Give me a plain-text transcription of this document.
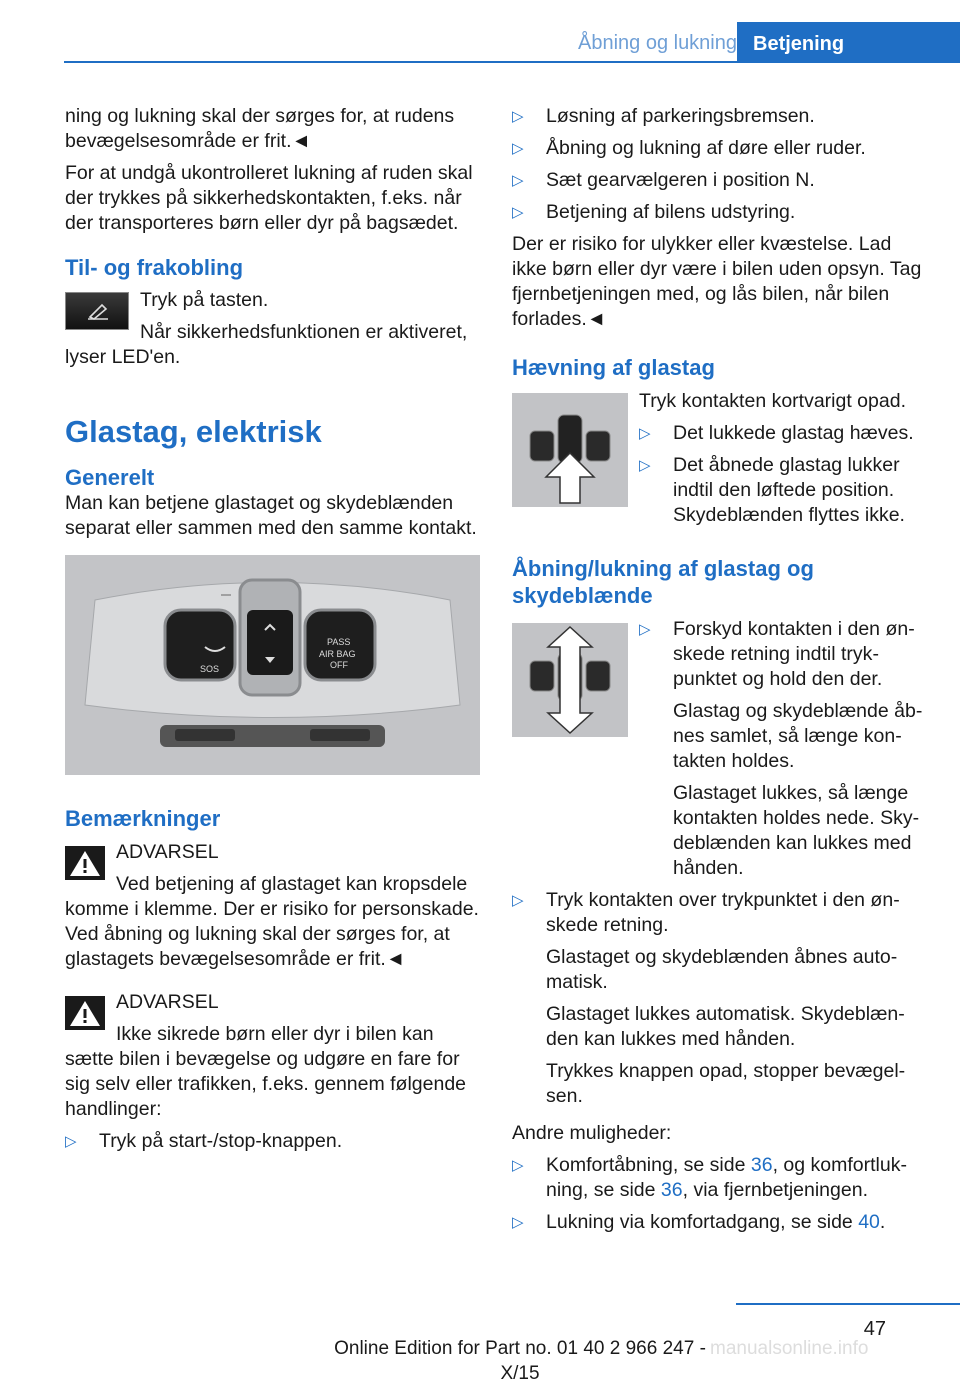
Åbning og lukning Betjening

ning og lukning skal der sørges for, at rudens bevægelsesområde er frit.◄

For at undgå ukontrolleret lukning af ruden skal der trykkes på sikkerhedskontakten, f.eks. når der transporteres børn eller dyr på bagsædet.

Til- og frakobling

Tryk på tasten.

Når sikkerhedsfunktionen er aktiveret, lyser LED'en.

Glastag, elektrisk
Generelt

Man kan betjene glastaget og skydeblænden separat eller sammen med den samme kontakt.

SOS
PASS
AIR BAG
OFF
Bemærkninger

ADVARSEL

Ved betjening af glastaget kan kropsdele komme i klemme. Der er risiko for personskade. Ved åbning og lukning skal der sørges for, at glastagets bevægelsesområde er frit.◄

ADVARSEL

Ikke sikrede børn eller dyr i bilen kan sætte bilen i bevægelse og udgøre en fare for sig selv eller trafikken, f.eks. gennem følgende handlinger:

▷ Tryk på start-/stop-knappen.
▷ Løsning af parkeringsbremsen.
▷ Åbning og lukning af døre eller ruder.
▷ Sæt gearvælgeren i position N.
▷ Betjening af bilens udstyring.

Der er risiko for ulykker eller kvæstelse. Lad ikke børn eller dyr være i bilen uden opsyn. Tag fjernbetjeningen med, og lås bilen, når bilen forlades.◄

Hævning af glastag

Tryk kontakten kortvarigt opad.

▷ Det lukkede glastag hæves.
▷ Det åbnede glastag lukker indtil den løftede position. Skydeblænden flyttes ikke.
Åbning/lukning af glastag og skydeblænde
▷ Forskyd kontakten i den ønskede retning indtil trykpunktet og hold den der.

Glastag og skydeblænde åbnes samlet, så længe kontakten holdes.

Glastaget lukkes, så længe kontakten holdes nede. Skydeblænden kan lukkes med hånden.

▷ Tryk kontakten over trykpunktet i den ønskede retning.

Glastaget og skydeblænden åbnes automatisk.

Glastaget lukkes automatisk. Skydeblænden kan lukkes med hånden.

Trykkes knappen opad, stopper bevægelsen.

Andre muligheder:

▷ Komfortåbning, se side 36, og komfortlukning, se side 36, via fjernbetjeningen.
▷ Lukning via komfortadgang, se side 40.
47
Online Edition for Part no. 01 40 2 966 247 - X/15
manualsonline.info
